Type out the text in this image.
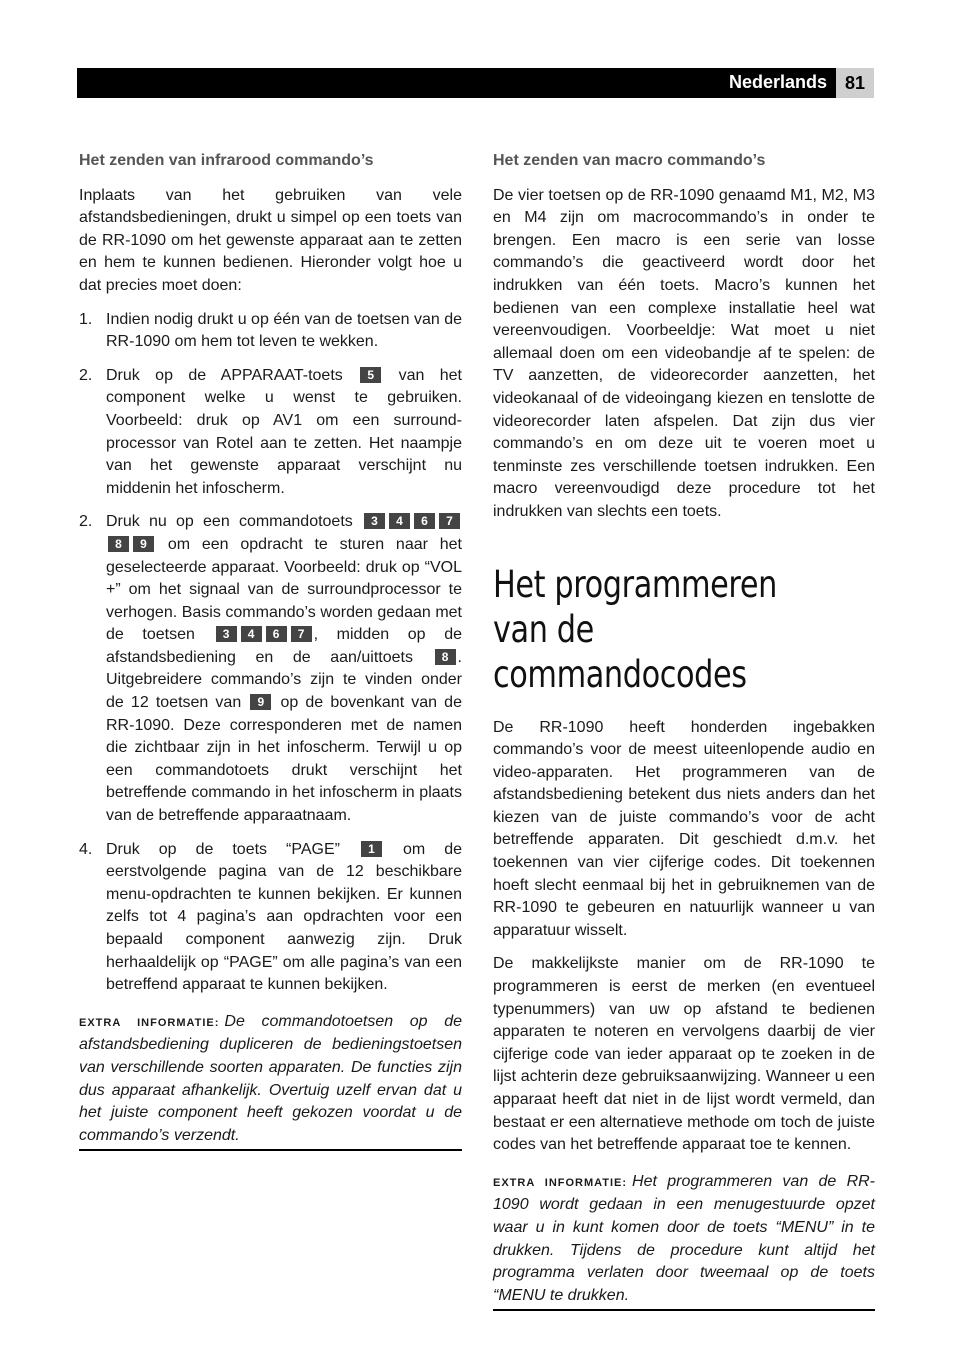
Nederlands 81
Het zenden van infrarood commando’s

Inplaats van het gebruiken van vele afstandsbedieningen, drukt u simpel op een toets van de RR-1090 om het gewenste apparaat aan te zetten en hem te kunnen bedienen. Hieronder volgt hoe u dat precies moet doen:

1. Indien nodig drukt u op één van de toetsen van de RR-1090 om hem tot leven te wekken.
2. Druk op de APPARAAT-toets 5 van het component welke u wenst te gebruiken. Voorbeeld: druk op AV1 om een surround-processor van Rotel aan te zetten. Het naampje van het gewenste apparaat verschijnt nu middenin het infoscherm.
2. Druk nu op een commandotoets 3 4 6 7 8 9 om een opdracht te sturen naar het geselecteerde apparaat. Voorbeeld: druk op “VOL +” om het signaal van de surroundprocessor te verhogen. Basis commando’s worden gedaan met de toetsen 3 4 6 7 , midden op de afstandsbediening en de aan/uittoets 8 . Uitgebreidere commando’s zijn te vinden onder de 12 toetsen van 9 op de bovenkant van de RR-1090. Deze corresponderen met de namen die zichtbaar zijn in het infoscherm. Terwijl u op een commandotoets drukt verschijnt het betreffende commando in het infoscherm in plaats van de betreffende apparaatnaam.
4. Druk op de toets “PAGE” 1 om de eerstvolgende pagina van de 12 beschikbare menu-opdrachten te kunnen bekijken. Er kunnen zelfs tot 4 pagina’s aan opdrachten voor een bepaald component aanwezig zijn. Druk herhaaldelijk op “PAGE” om alle pagina’s van een betreffend apparaat te kunnen bekijken.
EXTRA INFORMATIE: De commandotoetsen op de afstandsbediening dupliceren de bedieningstoetsen van verschillende soorten apparaten. De functies zijn dus apparaat afhankelijk. Overtuig uzelf ervan dat u het juiste component heeft gekozen voordat u de commando’s verzendt.
Het zenden van macro commando’s

De vier toetsen op de RR-1090 genaamd M1, M2, M3 en M4 zijn om macrocommando’s in onder te brengen. Een macro is een serie van losse commando’s die geactiveerd wordt door het indrukken van één toets. Macro’s kunnen het bedienen van een complexe installatie heel wat vereenvoudigen. Voorbeeldje: Wat moet u niet allemaal doen om een videobandje af te spelen: de TV aanzetten, de videorecorder aanzetten, het videokanaal of de videoingang kiezen en tenslotte de videorecorder laten afspelen. Dat zijn dus vier commando’s en om deze uit te voeren moet u tenminste zes verschillende toetsen indrukken. Een macro vereenvoudigd deze procedure tot het indrukken van slechts een toets.

Het programmeren van de commandocodes

De RR-1090 heeft honderden ingebakken commando’s voor de meest uiteenlopende audio en video-apparaten. Het programmeren van de afstandsbediening betekent dus niets anders dan het kiezen van de juiste commando’s voor de acht betreffende apparaten. Dit geschiedt d.m.v. het toekennen van vier cijferige codes. Dit toekennen hoeft slecht eenmaal bij het in gebruiknemen van de RR-1090 te gebeuren en natuurlijk wanneer u van apparatuur wisselt.

De makkelijkste manier om de RR-1090 te programmeren is eerst de merken (en eventueel typenummers) van uw op afstand te bedienen apparaten te noteren en vervolgens daarbij de vier cijferige code van ieder apparaat op te zoeken in de lijst achterin deze gebruiksaanwijzing. Wanneer u een apparaat heeft dat niet in de lijst wordt vermeld, dan bestaat er een alternatieve methode om toch de juiste codes van het betreffende apparaat toe te kennen.

EXTRA INFORMATIE: Het programmeren van de RR-1090 wordt gedaan in een menugestuurde opzet waar u in kunt komen door de toets “MENU” in te drukken. Tijdens de procedure kunt altijd het programma verlaten door tweemaal op de toets “MENU te drukken.
